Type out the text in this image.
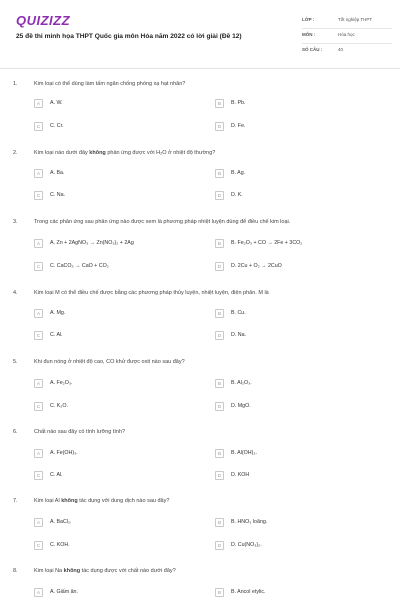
QUIZIZZ
25 đề thi minh họa THPT Quốc gia môn Hóa năm 2022 có lời giải (Đề 12)
LỚP :	Tốt nghiệp THPT
MÔN :	Hóa học
SỐ CÂU :	40
1.	Kim loại có thể dùng làm tấm ngăn chống phóng xạ hạt nhân?
A	A. W.	B	B. Pb.
C	C. Cr.	D	D. Fe.
2.	Kim loại nào dưới đây không phản ứng được với H₂O ở nhiệt độ thường?
A	A. Ba.	B	B. Ag.
C	C. Na.	D	D. K.
3.	Trong các phản ứng sau phản ứng nào được xem là phương pháp nhiệt luyện dùng để điều chế kim loại.
A	A. Zn + 2AgNO₃ → Zn(NO₃)₂ + 2Ag	B	B. Fe₂O₃ + CO → 2Fe + 3CO₂
C	C. CaCO₃ → CaO + CO₂	D	D. 2Cu + O₂ → 2CuO
4.	Kim loại M có thể điều chế được bằng các phương pháp thủy luyện, nhiệt luyện, điện phân. M là
A	A. Mg.	B	B. Cu.
C	C. Al.	D	D. Na.
5.	Khi đun nóng ở nhiệt độ cao, CO khử được oxit nào sau đây?
A	A. Fe₂O₃.	B	B. Al₂O₃.
C	C. K₂O.	D	D. MgO.
6.	Chất nào sau đây có tính lưỡng tính?
A	A. Fe(OH)₃.	B	B. Al(OH)₃.
C	C. Al.	D	D. KOH
7.	Kim loại Al không tác dụng với dung dịch nào sau đây?
A	A. BaCl₂.	B	B. HNO₃ loãng.
C	C. KOH.	D	D. Cu(NO₃)₂.
8.	Kim loại Na không tác dụng được với chất nào dưới đây?
A	A. Giấm ăn.	B	B. Ancol etylic.
